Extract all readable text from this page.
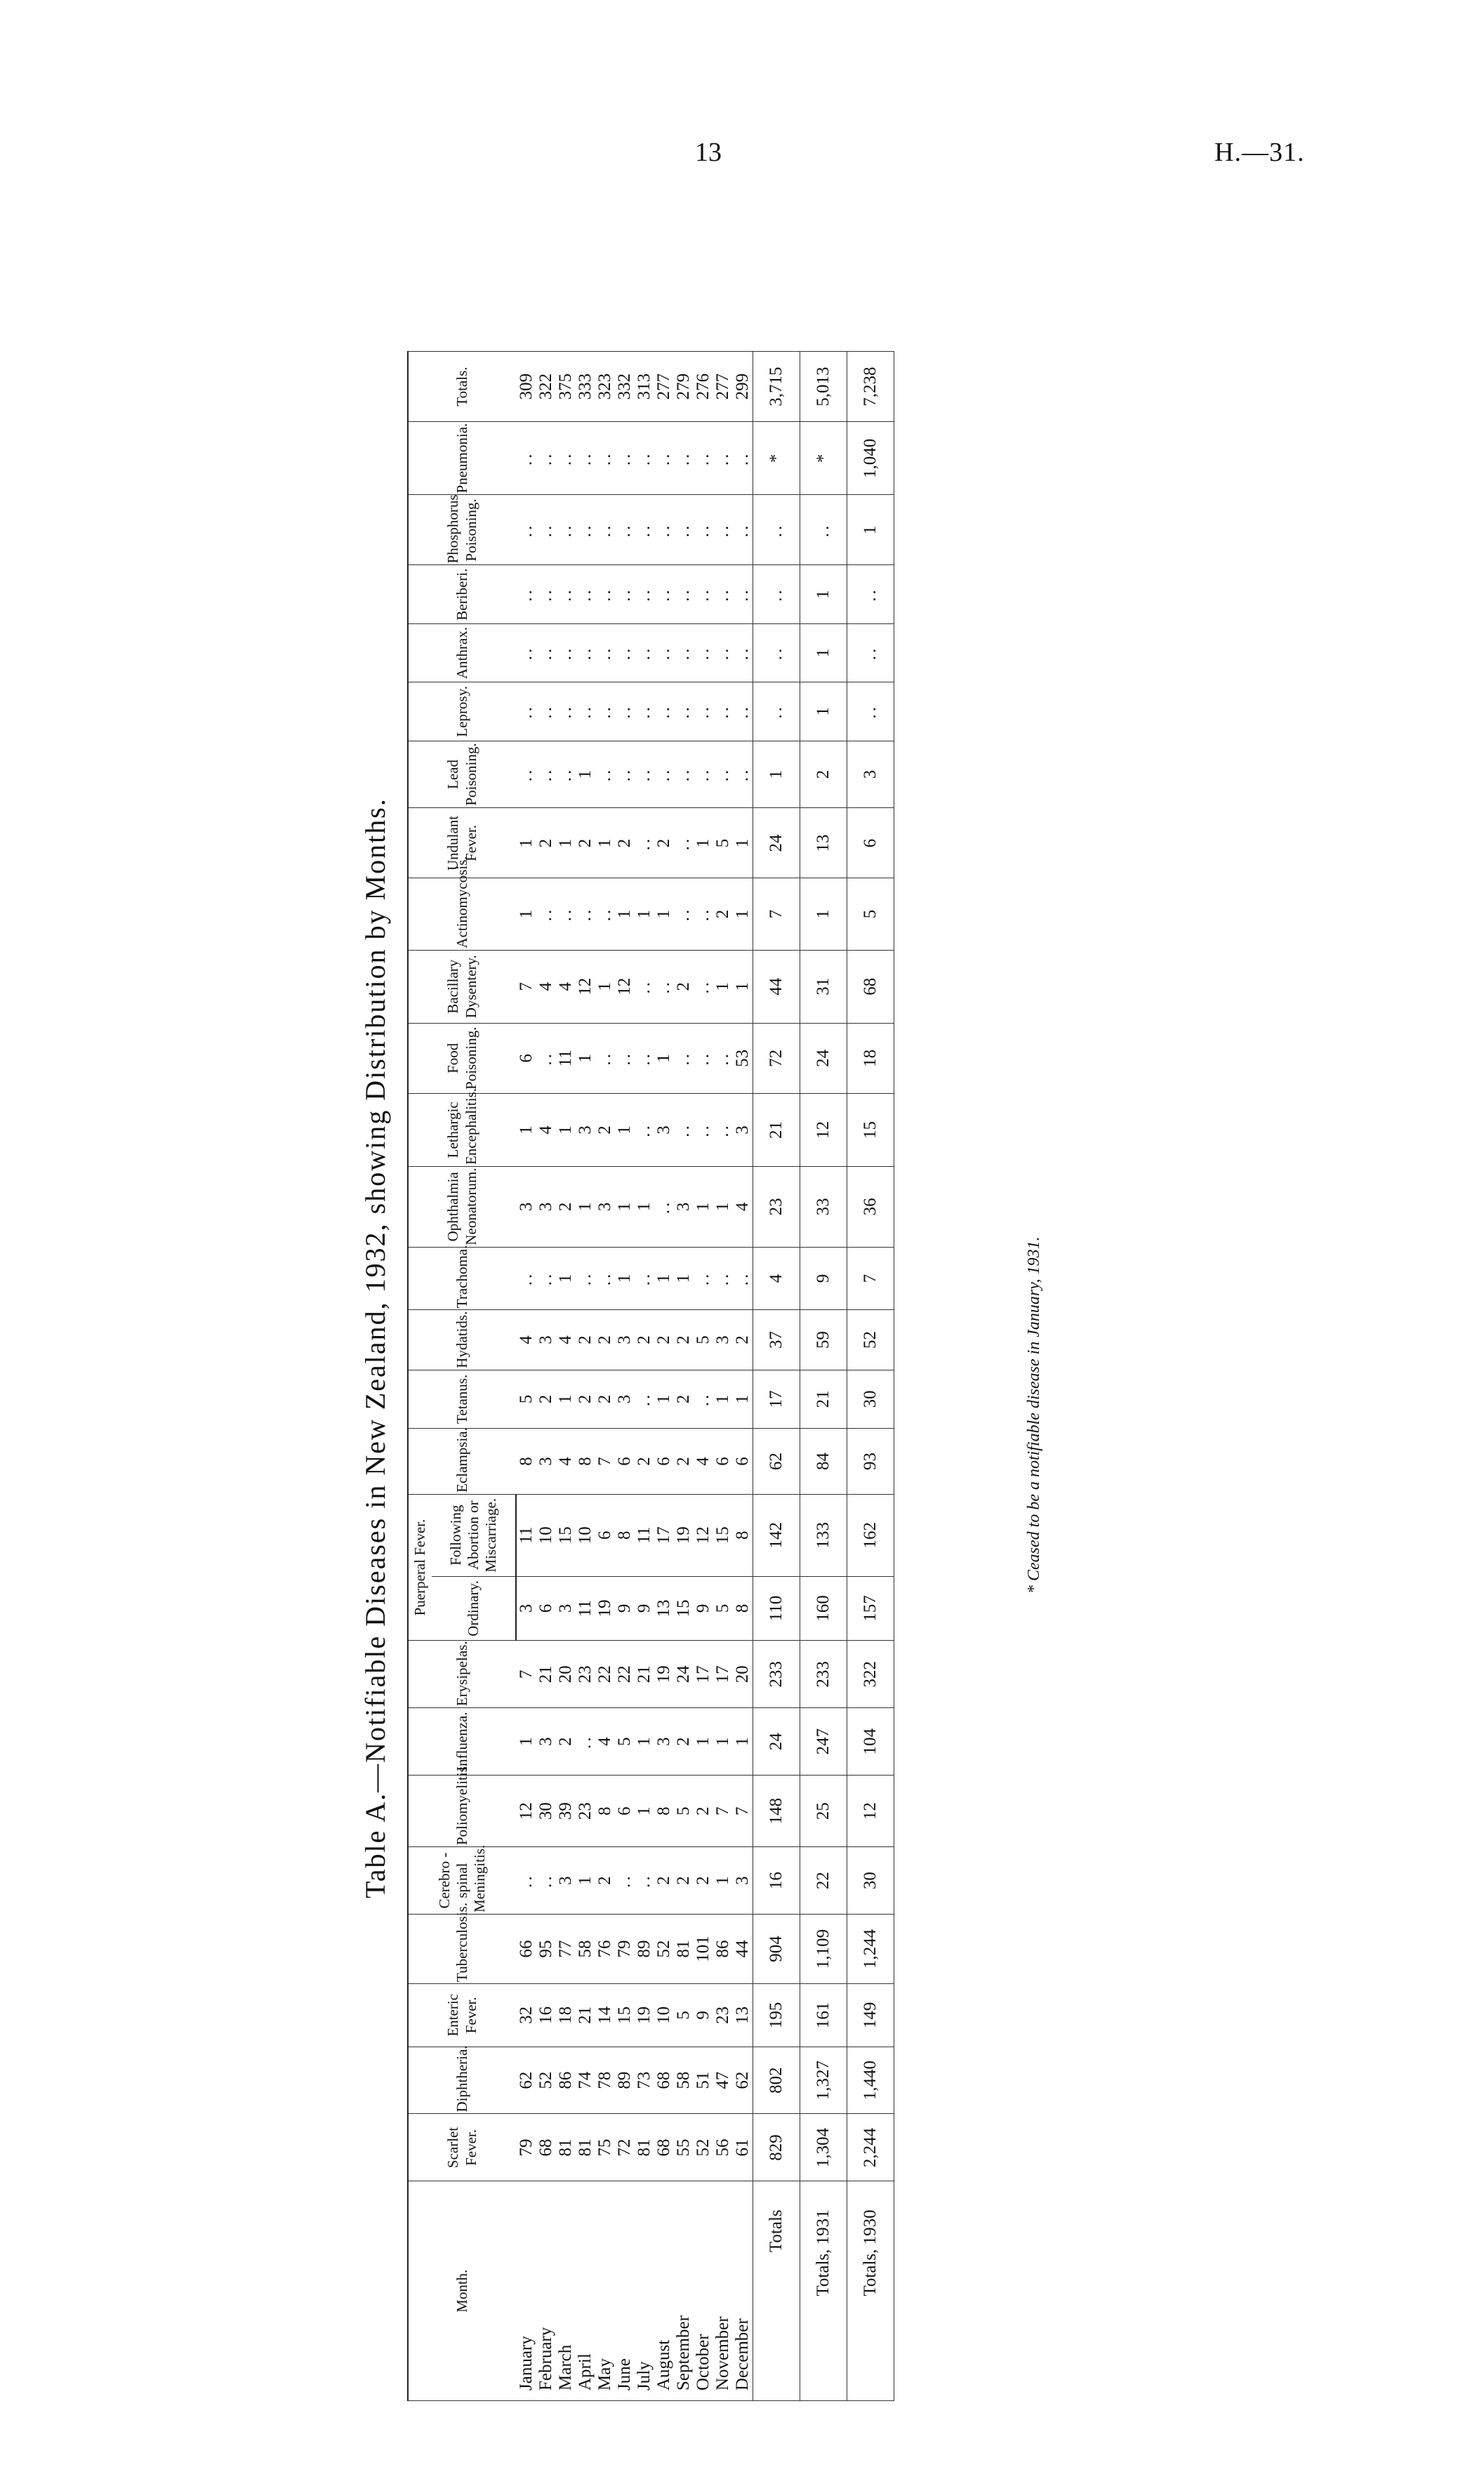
13	H.—31.
Table A.—Notifiable Diseases in New Zealand, 1932, showing Distribution by Months.
Month.	Scarlet Fever.	Diphtheria.	Enteric Fever.	Tuberculosis.	Cerebro - spinal Meningitis.	Poliomyelitis.	Influenza.	Erysipelas.	Puerperal Fever.		Eclampsia.	Tetanus.	Hydatids.	Trachoma.	Ophthalmia Neonatorum.	Lethargic Encephalitis.	Food Poisoning.	Bacillary Dysentery.	Actinomycosis.	Undulant Fever.	Lead Poisoning.	Leprosy.	Anthrax.	Beriberi.	Phosphorus Poisoning.	Pneumonia.	Totals.
									Ordinary.	Following Abortion or Miscarriage.																	
January	79	62	32	66	..	12	1	7	3	11	8	5	4	..	3	1	6	7	1	1	..	..	..	..	..	..	309
February	68	52	16	95	..	30	3	21	6	10	3	2	3	..	3	4	..	4	..	2	..	..	..	..	..	..	322
March	81	86	18	77	3	39	2	20	3	15	4	1	4	1	2	1	11	4	..	1	..	..	..	..	..	..	375
April	81	74	21	58	1	23	..	23	11	10	8	2	2	..	1	3	1	12	..	2	1	..	..	..	..	..	333
May	75	78	14	76	2	8	4	22	19	6	7	2	2	..	3	2	..	1	..	1	..	..	..	..	..	..	323
June	72	89	15	79	..	6	5	22	9	8	6	3	3	1	1	1	..	12	1	2	..	..	..	..	..	..	332
July	81	73	19	89	..	1	1	21	9	11	2	..	2	..	1	..	..	..	1	..	..	..	..	..	..	..	313
August	68	68	10	52	2	8	3	19	13	17	6	1	2	1	..	3	1	..	1	2	..	..	..	..	..	..	277
September	55	58	5	81	2	5	2	24	15	19	2	2	2	1	3	..	..	2	..	..	..	..	..	..	..	..	279
October	52	51	9	101	2	2	1	17	9	12	4	..	5	..	1	..	..	..	..	1	..	..	..	..	..	..	276
November	56	47	23	86	1	7	1	17	5	15	6	1	3	..	1	..	..	1	2	5	..	..	..	..	..	..	277
December	61	62	13	44	3	7	1	20	8	8	6	1	2	..	4	3	53	1	1	1	..	..	..	..	..	..	299
Totals	829	802	195	904	16	148	24	233	110	142	62	17	37	4	23	21	72	44	7	24	1	..	..	..	..	*	3,715
Totals, 1931	1,304	1,327	161	1,109	22	25	247	233	160	133	84	21	59	9	33	12	24	31	1	13	2	1	1	1	..	*	5,013
Totals, 1930	2,244	1,440	149	1,244	30	12	104	322	157	162	93	30	52	7	36	15	18	68	5	6	3	..	..	..	1	1,040	7,238
* Ceased to be a notifiable disease in January, 1931.
